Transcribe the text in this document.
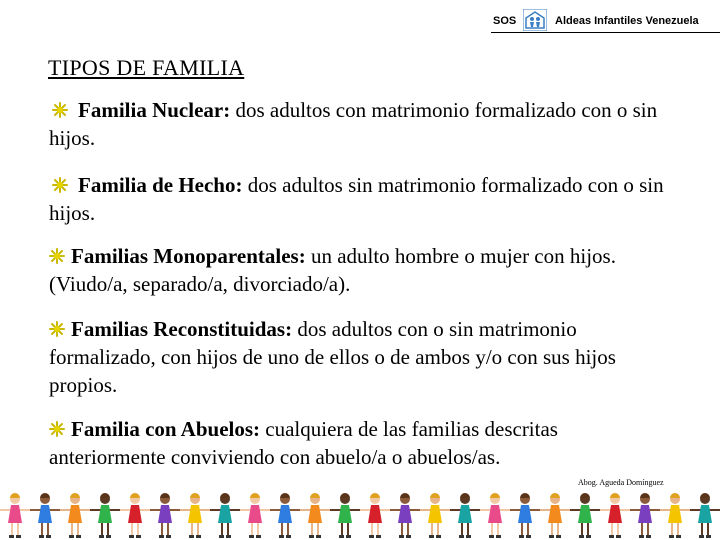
SOS	Aldeas Infantiles Venezuela
TIPOS DE FAMILIA
Familia Nuclear: dos adultos con matrimonio formalizado con o sin hijos.
Familia de Hecho: dos adultos sin matrimonio formalizado con o sin hijos.
Familias Monoparentales: un adulto hombre o mujer con hijos. (Viudo/a, separado/a, divorciado/a).
Familias Reconstituidas: dos adultos con o sin matrimonio formalizado, con hijos de uno de ellos o de ambos y/o con sus hijos propios.
Familia con Abuelos: cualquiera de las familias descritas anteriormente conviviendo con abuelo/a o abuelos/as.
Abog. Agueda Domínguez
